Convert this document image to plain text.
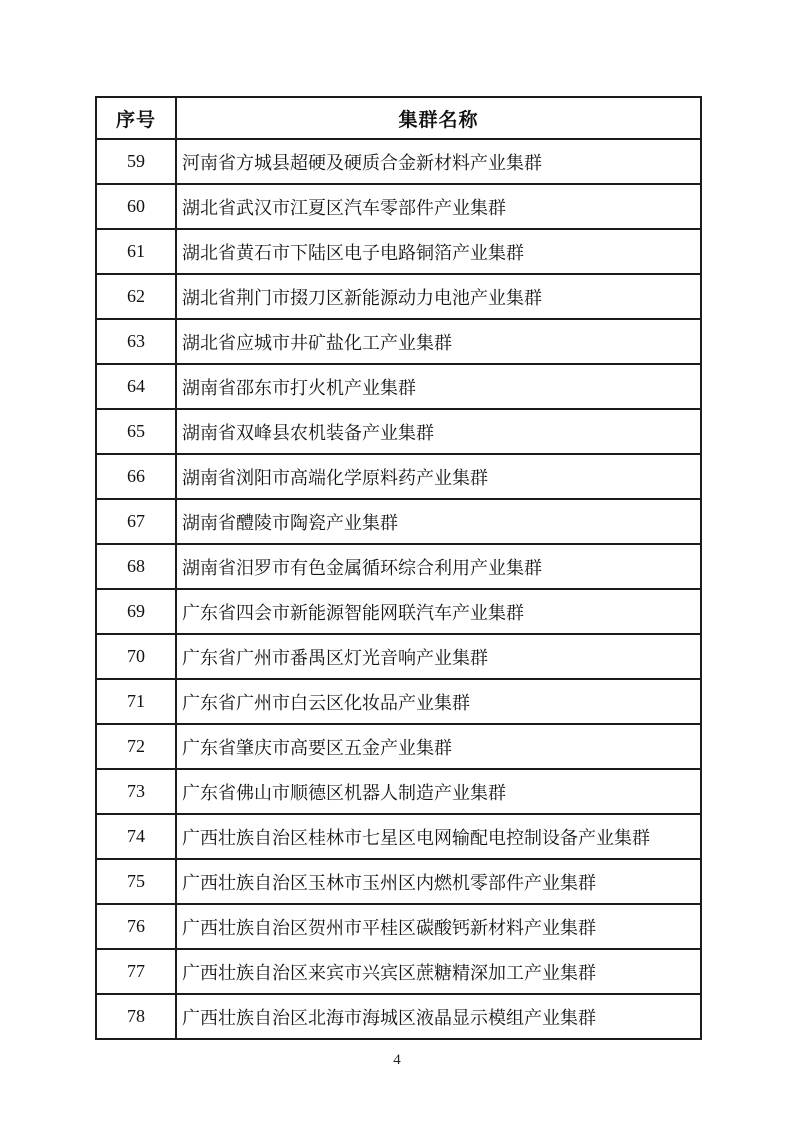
序号	集群名称
59	河南省方城县超硬及硬质合金新材料产业集群
60	湖北省武汉市江夏区汽车零部件产业集群
61	湖北省黄石市下陆区电子电路铜箔产业集群
62	湖北省荆门市掇刀区新能源动力电池产业集群
63	湖北省应城市井矿盐化工产业集群
64	湖南省邵东市打火机产业集群
65	湖南省双峰县农机装备产业集群
66	湖南省浏阳市高端化学原料药产业集群
67	湖南省醴陵市陶瓷产业集群
68	湖南省汨罗市有色金属循环综合利用产业集群
69	广东省四会市新能源智能网联汽车产业集群
70	广东省广州市番禺区灯光音响产业集群
71	广东省广州市白云区化妆品产业集群
72	广东省肇庆市高要区五金产业集群
73	广东省佛山市顺德区机器人制造产业集群
74	广西壮族自治区桂林市七星区电网输配电控制设备产业集群
75	广西壮族自治区玉林市玉州区内燃机零部件产业集群
76	广西壮族自治区贺州市平桂区碳酸钙新材料产业集群
77	广西壮族自治区来宾市兴宾区蔗糖精深加工产业集群
78	广西壮族自治区北海市海城区液晶显示模组产业集群
4
